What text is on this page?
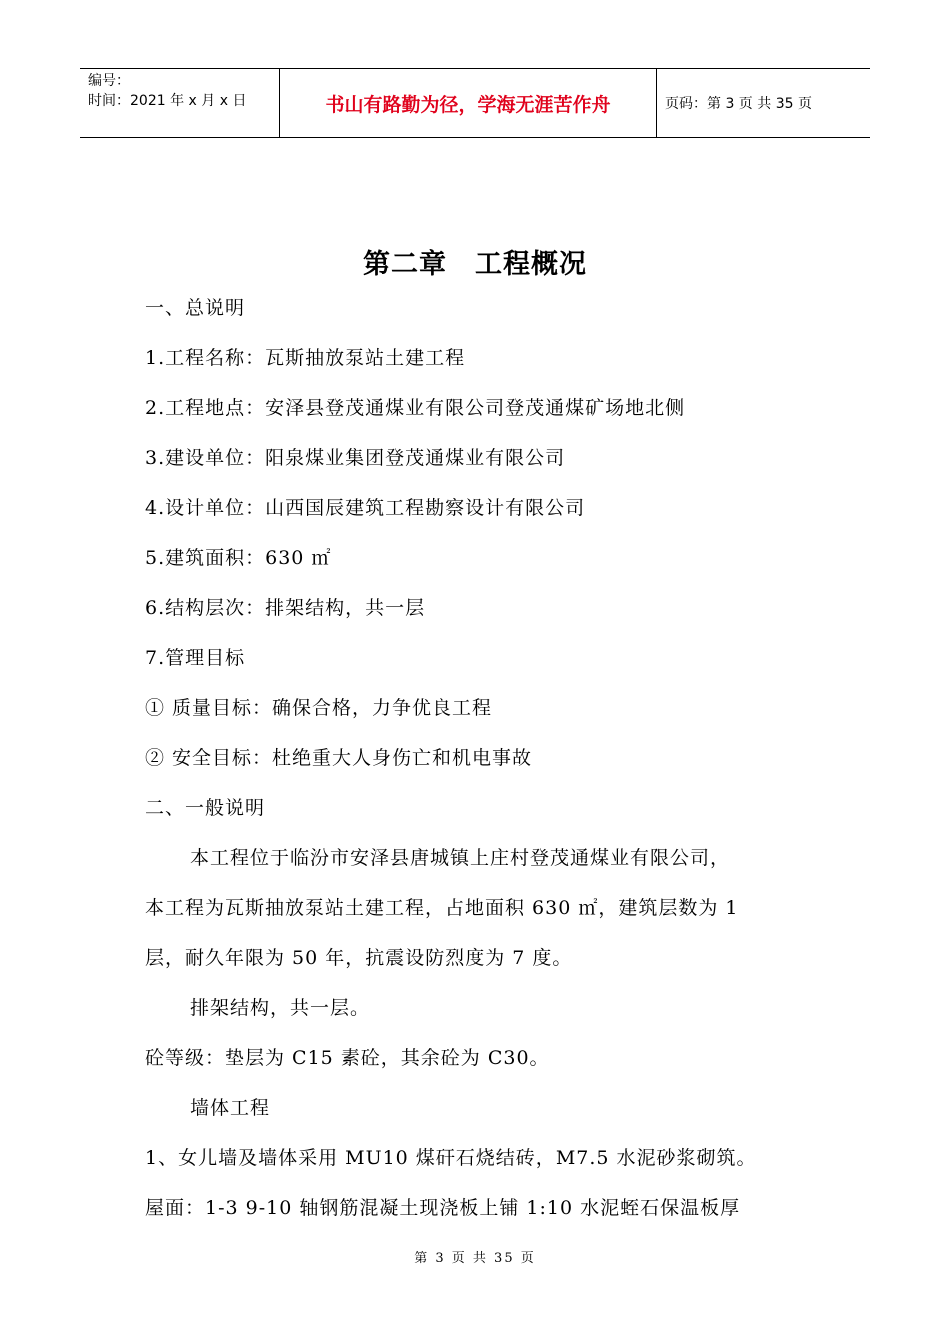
编号：
时间：2021 年 x 月 x 日	书山有路勤为径，学海无涯苦作舟	页码：第 3 页 共 35 页
第二章 工程概况
一、总说明
1.工程名称：瓦斯抽放泵站土建工程
2.工程地点：安泽县登茂通煤业有限公司登茂通煤矿场地北侧
3.建设单位：阳泉煤业集团登茂通煤业有限公司
4.设计单位：山西国辰建筑工程勘察设计有限公司
5.建筑面积：630 ㎡
6.结构层次：排架结构，共一层
7.管理目标
① 质量目标：确保合格，力争优良工程
② 安全目标：杜绝重大人身伤亡和机电事故
二、一般说明
本工程位于临汾市安泽县唐城镇上庄村登茂通煤业有限公司，
本工程为瓦斯抽放泵站土建工程，占地面积 630 ㎡，建筑层数为 1
层，耐久年限为 50 年，抗震设防烈度为 7 度。
排架结构，共一层。
砼等级：垫层为 C15 素砼，其余砼为 C30。
墙体工程
1、女儿墙及墙体采用 MU10 煤矸石烧结砖，M7.5 水泥砂浆砌筑。
屋面：1-3 9-10 轴钢筋混凝土现浇板上铺 1:10 水泥蛭石保温板厚
第 3 页 共 35 页
